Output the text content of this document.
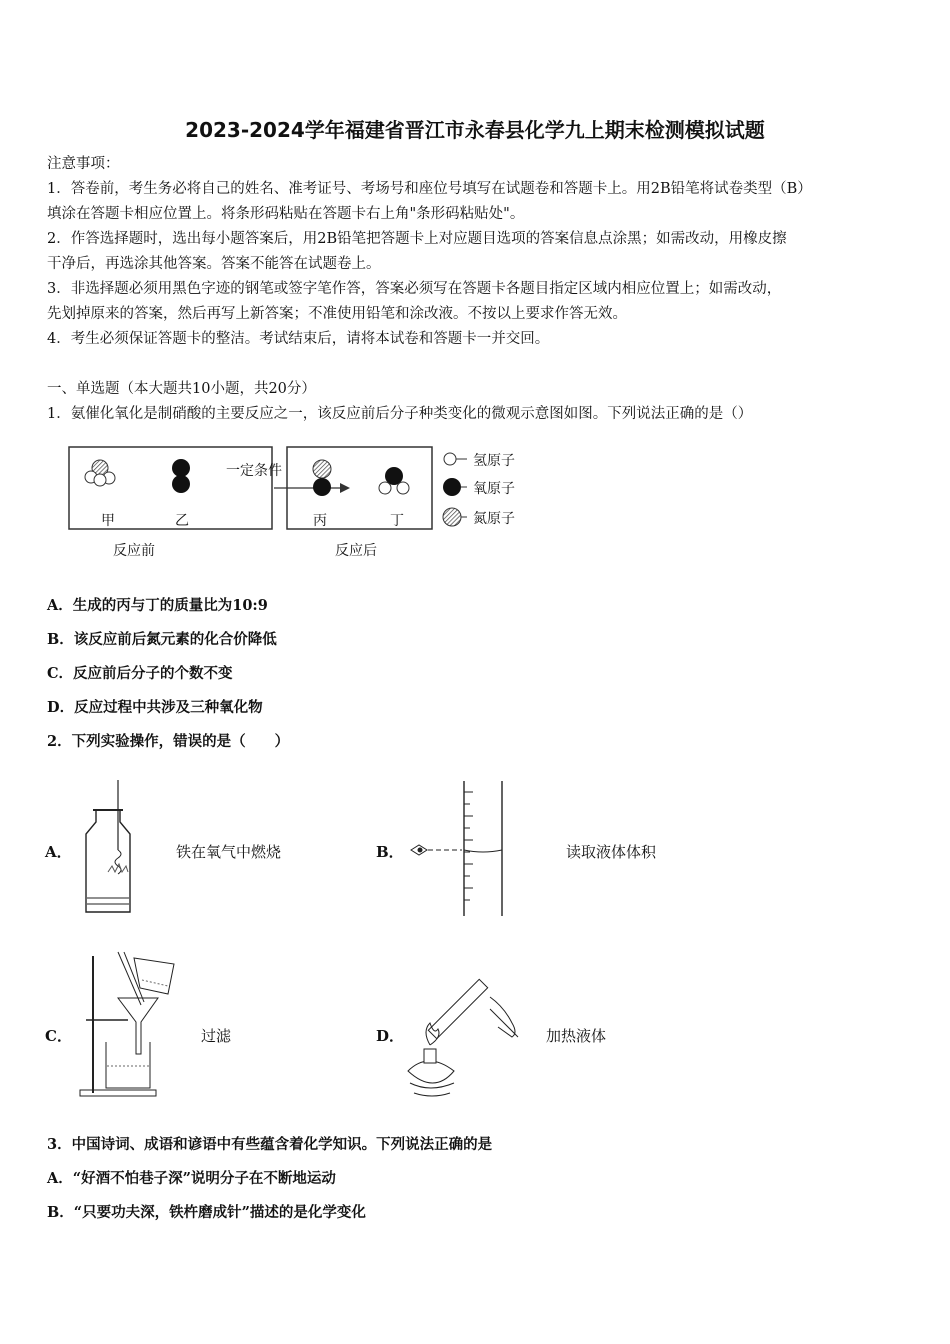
2023-2024学年福建省晋江市永春县化学九上期末检测模拟试题
注意事项：
1．答卷前，考生务必将自己的姓名、准考证号、考场号和座位号填写在试题卷和答题卡上。用2B铅笔将试卷类型（B）
填涂在答题卡相应位置上。将条形码粘贴在答题卡右上角"条形码粘贴处"。
2．作答选择题时，选出每小题答案后，用2B铅笔把答题卡上对应题目选项的答案信息点涂黑；如需改动，用橡皮擦
干净后，再选涂其他答案。答案不能答在试题卷上。
3．非选择题必须用黑色字迹的钢笔或签字笔作答，答案必须写在答题卡各题目指定区域内相应位置上；如需改动，
先划掉原来的答案，然后再写上新答案；不准使用铅笔和涂改液。不按以上要求作答无效。
4．考生必须保证答题卡的整洁。考试结束后，请将本试卷和答题卡一并交回。
一、单选题（本大题共10小题，共20分）
1．氨催化氧化是制硝酸的主要反应之一，该反应前后分子种类变化的微观示意图如图。下列说法正确的是（）
甲	乙	丙	丁
一定条件
反应前	反应后
氢原子
氧原子
氮原子
A．生成的丙与丁的质量比为10:9
B．该反应前后氮元素的化合价降低
C．反应前后分子的个数不变
D．反应过程中共涉及三种氧化物
2．下列实验操作，错误的是（　　）
A．	铁在氧气中燃烧	B．	读取液体体积
C．	过滤	D．	加热液体
3．中国诗词、成语和谚语中有些蕴含着化学知识。下列说法正确的是
A．“好酒不怕巷子深”说明分子在不断地运动
B．“只要功夫深，铁杵磨成针”描述的是化学变化
